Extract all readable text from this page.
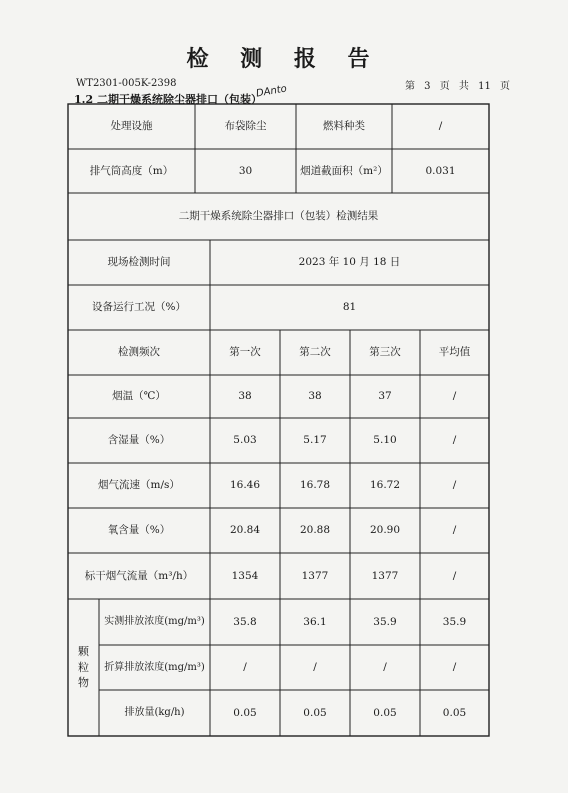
检 测 报 告
WT2301-005K-2398	第 3 页 共 11 页
1.2 二期干燥系统除尘器排口（包装）
DAnto
处理设施	布袋除尘	燃料种类	/
排气筒高度（m）	30	烟道截面积（m²）	0.031
二期干燥系统除尘器排口（包装）检测结果
现场检测时间	2023 年 10 月 18 日
设备运行工况（%）	81
检测频次	第一次	第二次	第三次	平均值
烟温（℃）	38	38	37	/
含湿量（%）	5.03	5.17	5.10	/
烟气流速（m/s）	16.46	16.78	16.72	/
氧含量（%）	20.84	20.88	20.90	/
标干烟气流量（m³/h）	1354	1377	1377	/
颗
粒
物
实测排放浓度(mg/m³)	35.8	36.1	35.9	35.9
折算排放浓度(mg/m³)	/	/	/	/
排放量(kg/h)	0.05	0.05	0.05	0.05
